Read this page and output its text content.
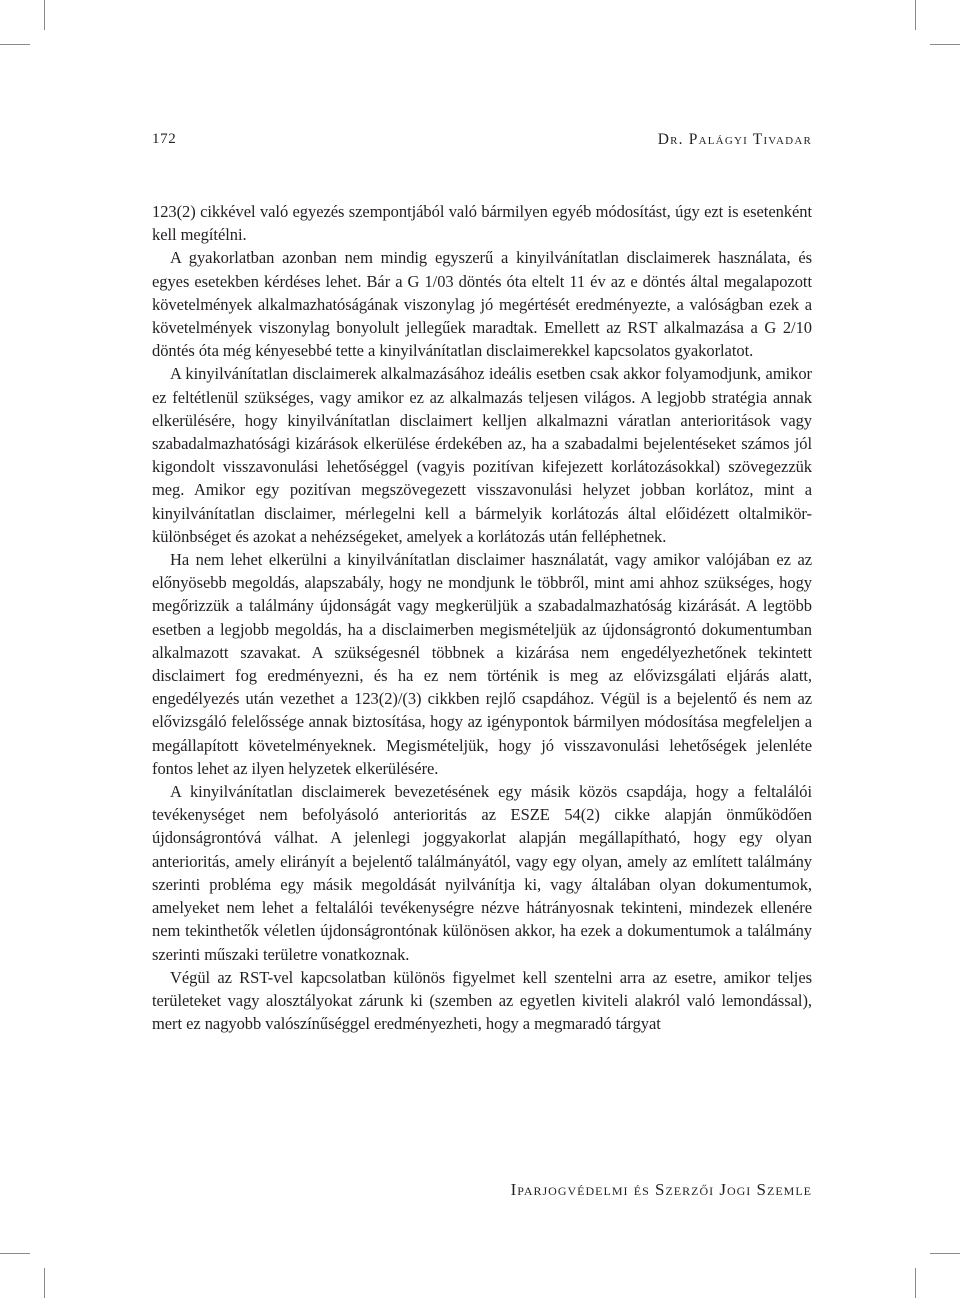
172	Dr. Palágyi Tivadar

123(2) cikkével való egyezés szempontjából való bármilyen egyéb módosítást, úgy ezt is esetenként kell megítélni.

A gyakorlatban azonban nem mindig egyszerű a kinyilvánítatlan disclaimerek használata, és egyes esetekben kérdéses lehet. Bár a G 1/03 döntés óta eltelt 11 év az e döntés által megalapozott követelmények alkalmazhatóságának viszonylag jó megértését eredményezte, a valóságban ezek a követelmények viszonylag bonyolult jellegűek maradtak. Emellett az RST alkalmazása a G 2/10 döntés óta még kényesebbé tette a kinyilvánítatlan disclaimerekkel kapcsolatos gyakorlatot.

A kinyilvánítatlan disclaimerek alkalmazásához ideális esetben csak akkor folyamodjunk, amikor ez feltétlenül szükséges, vagy amikor ez az alkalmazás teljesen világos. A legjobb stratégia annak elkerülésére, hogy kinyilvánítatlan disclaimert kelljen alkalmazni váratlan anterioritások vagy szabadalmazhatósági kizárások elkerülése érdekében az, ha a szabadalmi bejelentéseket számos jól kigondolt visszavonulási lehetőséggel (vagyis pozitívan kifejezett korlátozásokkal) szövegezzük meg. Amikor egy pozitívan megszövegezett visszavonulási helyzet jobban korlátoz, mint a kinyilvánítatlan disclaimer, mérlegelni kell a bármelyik korlátozás által előidézett oltalmikör-különbséget és azokat a nehézségeket, amelyek a korlátozás után felléphetnek.

Ha nem lehet elkerülni a kinyilvánítatlan disclaimer használatát, vagy amikor valójában ez az előnyösebb megoldás, alapszabály, hogy ne mondjunk le többről, mint ami ahhoz szükséges, hogy megőrizzük a találmány újdonságát vagy megkerüljük a szabadalmazhatóság kizárását. A legtöbb esetben a legjobb megoldás, ha a disclaimerben megismételjük az újdonságrontó dokumentumban alkalmazott szavakat. A szükségesnél többnek a kizárása nem engedélyezhetőnek tekintett disclaimert fog eredményezni, és ha ez nem történik is meg az elővizsgálati eljárás alatt, engedélyezés után vezethet a 123(2)/(3) cikkben rejlő csapdához. Végül is a bejelentő és nem az elővizsgáló felelőssége annak biztosítása, hogy az igénypontok bármilyen módosítása megfeleljen a megállapított követelményeknek. Megismételjük, hogy jó visszavonulási lehetőségek jelenléte fontos lehet az ilyen helyzetek elkerülésére.

A kinyilvánítatlan disclaimerek bevezetésének egy másik közös csapdája, hogy a feltalálói tevékenységet nem befolyásoló anterioritás az ESZE 54(2) cikke alapján önműködően újdonságrontóvá válhat. A jelenlegi joggyakorlat alapján megállapítható, hogy egy olyan anterioritás, amely elirányít a bejelentő találmányától, vagy egy olyan, amely az említett találmány szerinti probléma egy másik megoldását nyilvánítja ki, vagy általában olyan dokumentumok, amelyeket nem lehet a feltalálói tevékenységre nézve hátrányosnak tekinteni, mindezek ellenére nem tekinthetők véletlen újdonságrontónak különösen akkor, ha ezek a dokumentumok a találmány szerinti műszaki területre vonatkoznak.

Végül az RST-vel kapcsolatban különös figyelmet kell szentelni arra az esetre, amikor teljes területeket vagy alosztályokat zárunk ki (szemben az egyetlen kiviteli alakról való lemondással), mert ez nagyobb valószínűséggel eredményezheti, hogy a megmaradó tárgyat

Iparjogvédelmi és Szerzői Jogi Szemle
